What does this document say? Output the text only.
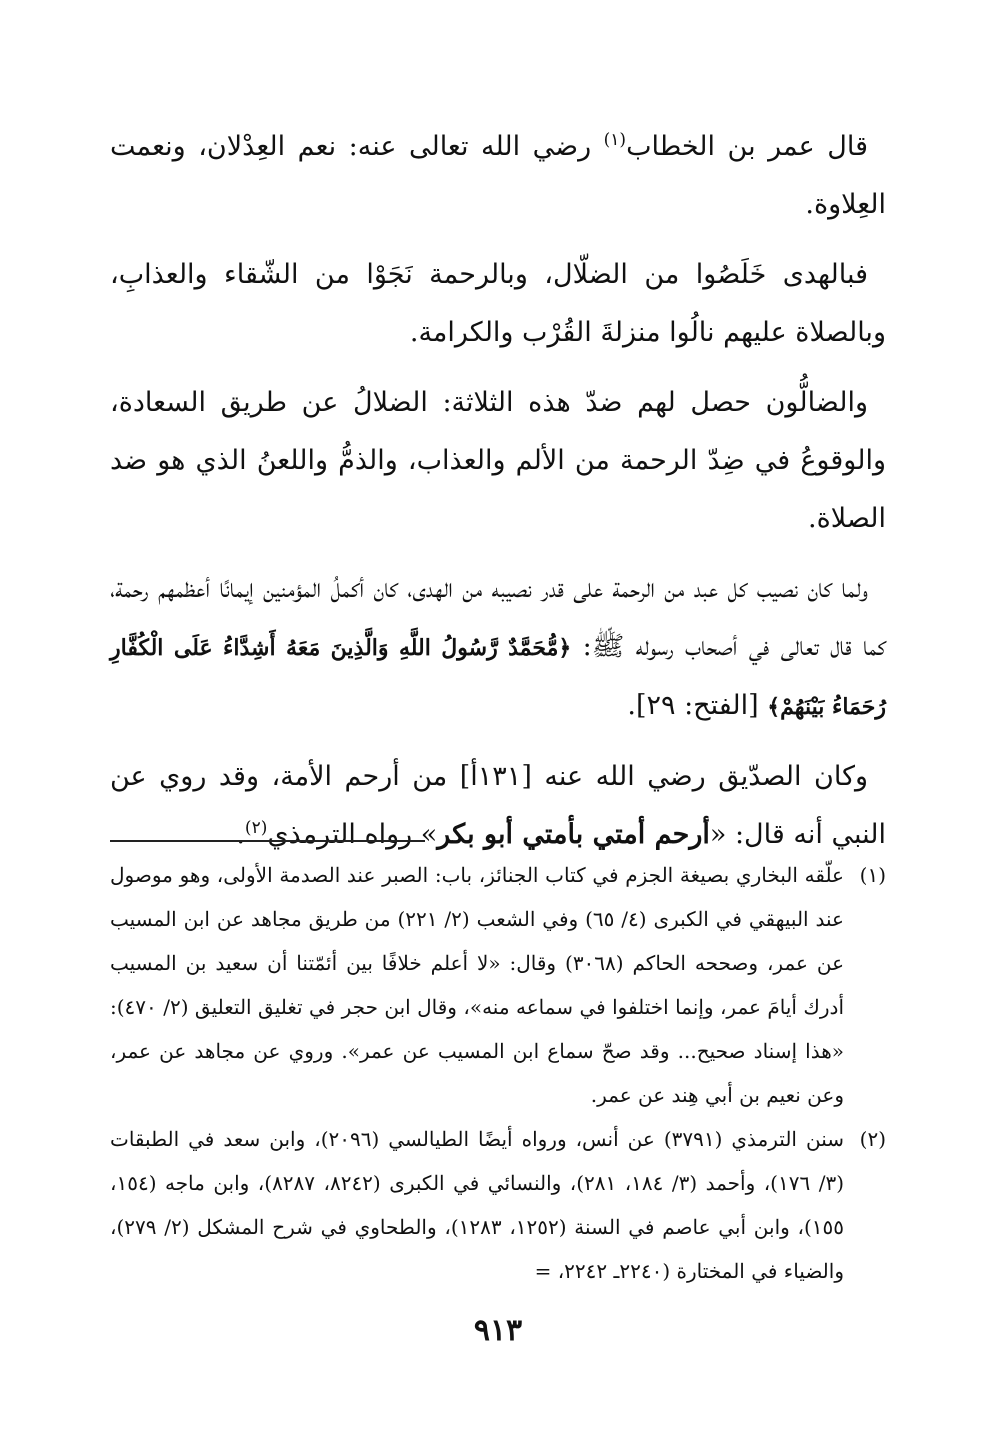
قال عمر بن الخطاب$^{(١)}$ رضي الله تعالى عنه: نعم العِدْلان، ونعمت العِلاوة.

فبالهدى خَلَصُوا من الضلّال، وبالرحمة نَجَوْا من الشّقاء والعذابِ، وبالصلاة عليهم نالُوا منزلةَ القُرْب والكرامة.

والضالُّون حصل لهم ضدّ هذه الثلاثة: الضلالُ عن طريق السعادة، والوقوعُ في ضِدّ الرحمة من الألم والعذاب، والذمُّ واللعنُ الذي هو ضد الصلاة.

ولما كان نصيب كل عبد من الرحمة على قدر نصيبه من الهدى، كان أكملُ المؤمنين إيمانًا أعظمهم رحمة، كما قال تعالى في أصحاب رسوله ﷺ: ﴿مُّحَمَّدٌ رَّسُولُ اللَّهِ وَالَّذِينَ مَعَهُ أَشِدَّاءُ عَلَى الْكُفَّارِ رُحَمَاءُ بَيْنَهُمْ﴾ [الفتح: ٢٩].

وكان الصدّيق رضي الله عنه [١٣١أ] من أرحم الأمة، وقد روي عن النبي أنه قال: «أرحم أمتي بأمتي أبو بكر» رواه الترمذي$^{(٢)}$.

(١)
علّقه البخاري بصيغة الجزم في كتاب الجنائز، باب: الصبر عند الصدمة الأولى، وهو موصول عند البيهقي في الكبرى (٤/ ٦٥) وفي الشعب (٢/ ٢٢١) من طريق مجاهد عن ابن المسيب عن عمر، وصححه الحاكم (٣٠٦٨) وقال: «لا أعلم خلافًا بين أئمّتنا أن سعيد بن المسيب أدرك أيامَ عمر، وإنما اختلفوا في سماعه منه»، وقال ابن حجر في تغليق التعليق (٢/ ٤٧٠): «هذا إسناد صحيح... وقد صحّ سماع ابن المسيب عن عمر». وروي عن مجاهد عن عمر، وعن نعيم بن أبي هِند عن عمر.
(٢)
سنن الترمذي (٣٧٩١) عن أنس، ورواه أيضًا الطيالسي (٢٠٩٦)، وابن سعد في الطبقات (٣/ ١٧٦)، وأحمد (٣/ ١٨٤، ٢٨١)، والنسائي في الكبرى (٨٢٤٢، ٨٢٨٧)، وابن ماجه (١٥٤، ١٥٥)، وابن أبي عاصم في السنة (١٢٥٢، ١٢٨٣)، والطحاوي في شرح المشكل (٢/ ٢٧٩)، والضياء في المختارة (٢٢٤٠ـ ٢٢٤٢، =
٩١٣
